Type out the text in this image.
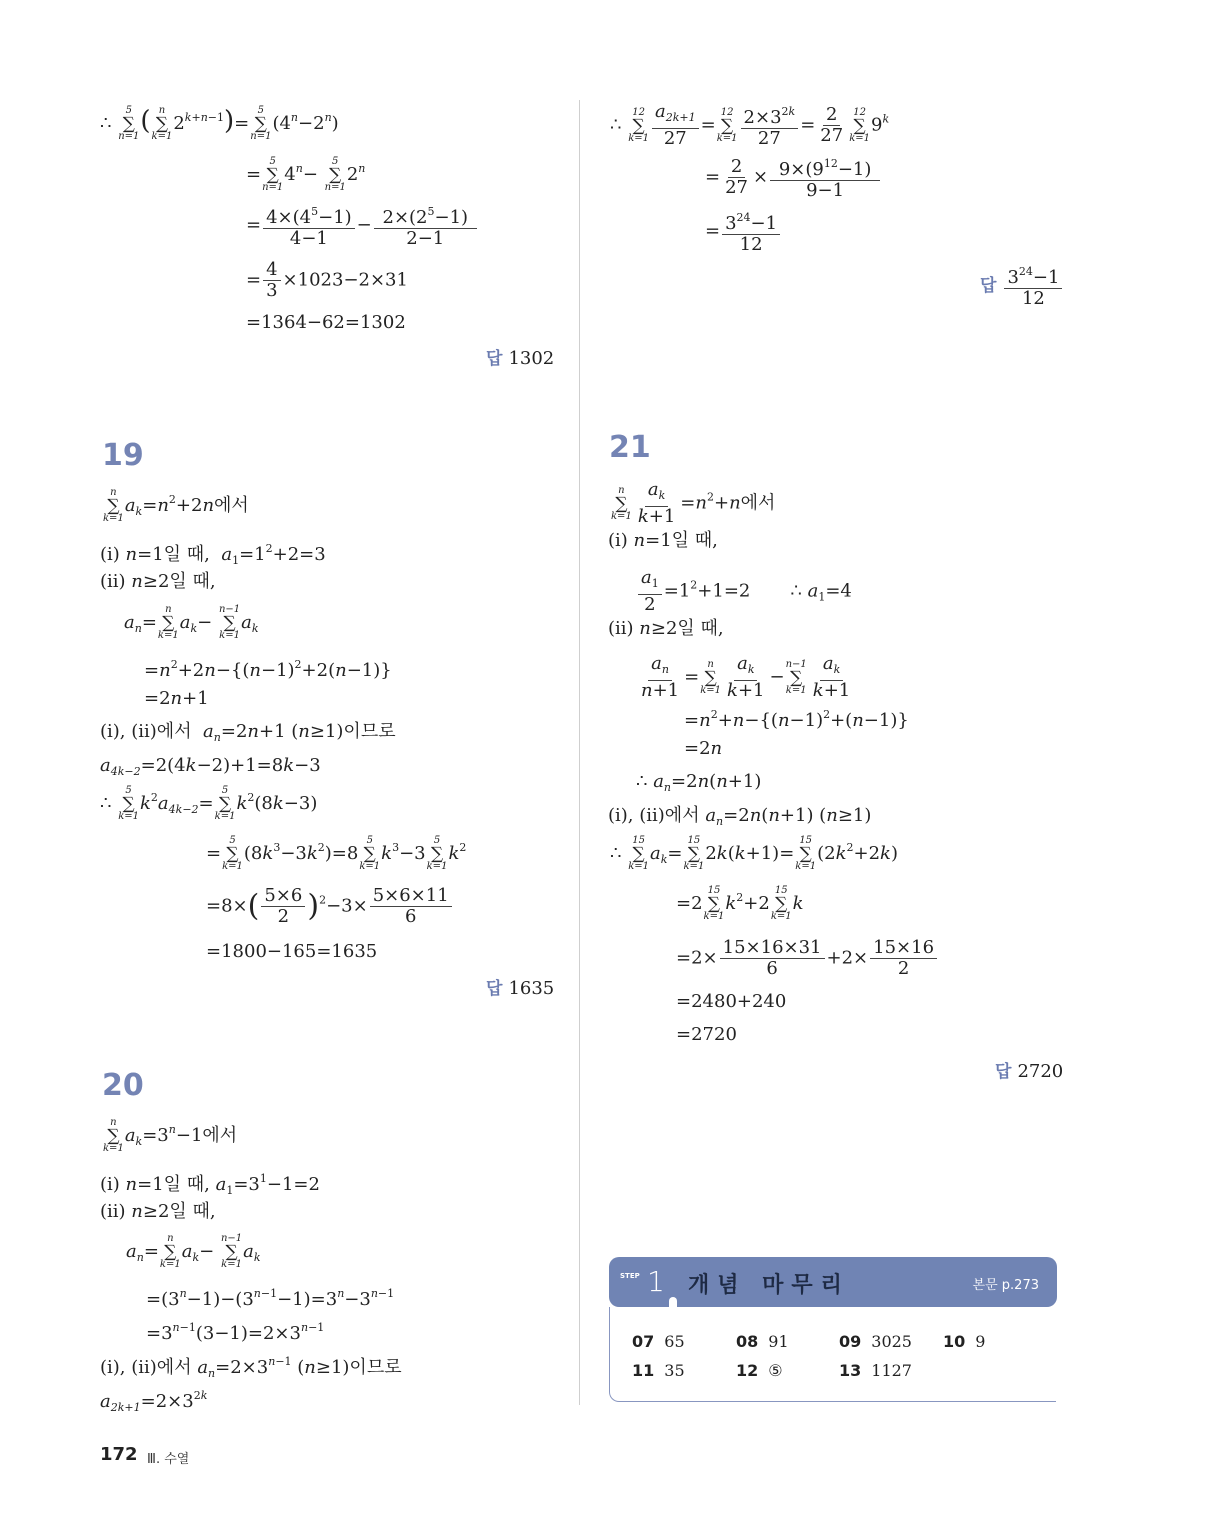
∴
5
∑
n=1
( n
∑
k=1
$2^{k+n-1})=$
5
∑
n=1
$(4^n-2^n)$
=
5
∑
n=1
$4^n-$
5
∑
n=1
$2^n$
= $\frac{4\times(4^5-1)}{4-1} - \frac{2\times(2^5-1)}{2-1}$
= $\frac{4}{3} \times 1023-2\times 31$
=1364−62=1302
답 1302
∴
12
∑
$k=1 \frac{a_{2k+1}}{27}$ =
12
∑
$k=1 \frac{2\times 3^{2k}}{27} = \frac{2}{27} 12$
∑
k=1
$9^k$
= $\frac{2}{27} \times \frac{9\times(9^{12}-1)}{9-1}$
= $\frac{3^{24}-1}{12}$
답 $\frac{3^{24}-1}{12}$
19
n
∑
k=1
$a_k=n^2+2n$에서
(i) n=1일 때,  $a_1=1^2+2=3$
(ii) n≥2일 때,
$a_n=$
n
∑
k=1
$a_k-$
n−1
∑
k=1
$a_k$
$=n^2+2n-\{(n-1)^2+2(n-1)\}$
=2n+1
(i), (ii)에서  $a_n=2n+1$ (n≥1)이므로
$a_{4k-2}=2(4k-2)+1=8k-3$
∴
5
∑
k=1
$k^2a_{4k-2}=$
5
∑
k=1
$k^2(8k-3)$
=
5
∑
k=1
$(8k^3-3k^2)=8$
5
∑
k=1
$k^3-3$
5
∑
k=1
$k^2$
$=8\times( \frac{5\times 6}{2} )^2-3\times \frac{5\times 6\times 11}{6}$
=1800−165=1635
답 1635
20
n
∑
k=1
$a_k=3^n-1$에서
(i) n=1일 때, $a_1=3^1-1=2$
(ii) n≥2일 때,
$a_n=$
n
∑
k=1
$a_k-$
n−1
∑
k=1
$a_k$
$=(3^n-1)-(3^{n-1}-1)=3^n-3^{n-1}$
$=3^{n-1}(3-1)=2\times 3^{n-1}$
(i), (ii)에서 $a_n=2\times 3^{n-1}$ (n≥1)이므로
$a_{2k+1}=2\times 3^{2k}$
21
n
∑
$k=1 \frac{a_k}{k+1} =n^2+n$에서
(i) n=1일 때,
$\frac{a_1}{2} =1^2+1=2$       ∴ $a_1=4$
(ii) n≥2일 때,
$\frac{a_n}{n+1}$ =
n
∑
$k=1 \frac{a_k}{k+1}$ −
n−1
∑
$k=1 \frac{a_k}{k+1}$
$=n^2+n-\{(n-1)^2+(n-1)\}$
=2n
∴ $a_n=2n(n+1)$
(i), (ii)에서 $a_n=2n(n+1)$ (n≥1)
∴
15
∑
k=1
$a_k=$
15
∑
k=1
2k(k+1)=
15
∑
k=1
$(2k^2+2k)$
=2
15
∑
k=1
$k^2+2$
15
∑
k=1
k
$=2\times \frac{15\times 16\times 31}{6} +2\times \frac{15\times 16}{2}$
=2480+240
=2720
답 2720
STEP 1 개념 마무리	본문 p.273
07 65	08 91	09 3025 10 9
11 35	12 ⑤	13 1127
172 Ⅲ. 수열
